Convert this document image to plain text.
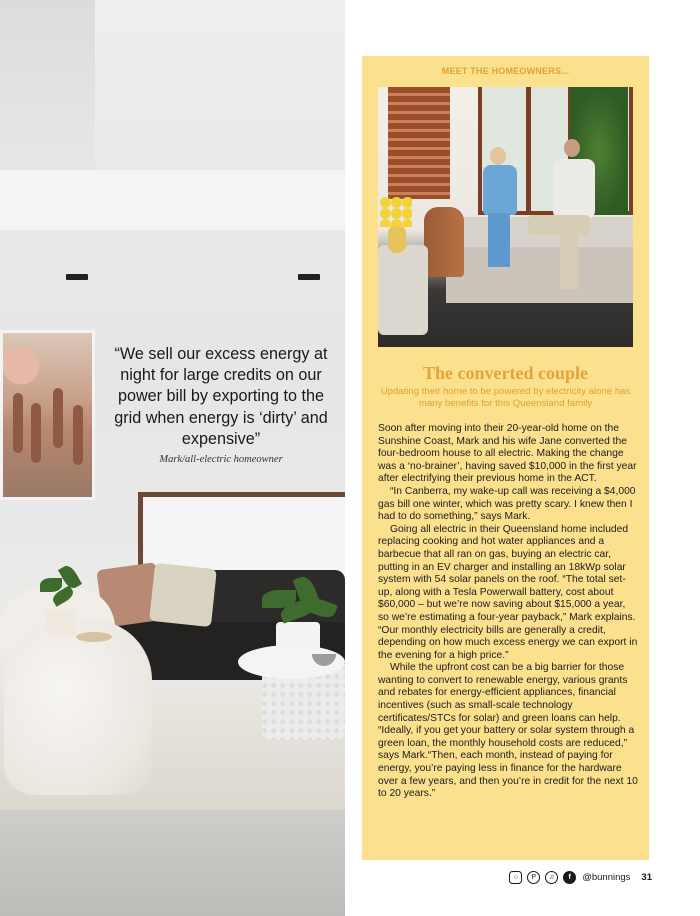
“We sell our excess energy at night for large credits on our power bill by exporting to the grid when energy is ‘dirty’ and expensive”

Mark/all-electric homeowner

MEET THE HOMEOWNERS...
The converted couple

Updating their home to be powered by electricity alone has many benefits for this Queensland family

Soon after moving into their 20-year-old home on the Sunshine Coast, Mark and his wife Jane converted the four-bedroom house to all electric. Making the change was a ‘no-brainer’, having saved $10,000 in the first year after electrifying their previous home in the ACT.

“In Canberra, my wake-up call was receiving a $4,000 gas bill one winter, which was pretty scary. I knew then I had to do something,” says Mark.

Going all electric in their Queensland home included replacing cooking and hot water appliances and a barbecue that all ran on gas, buying an electric car, putting in an EV charger and installing an 18kWp solar system with 54 solar panels on the roof. “The total set-up, along with a Tesla Powerwall battery, cost about $60,000 – but we’re now saving about $15,000 a year, so we’re estimating a four-year payback,” Mark explains. “Our monthly electricity bills are generally a credit, depending on how much excess energy we can export in the evening for a high price.”

While the upfront cost can be a big barrier for those wanting to convert to renewable energy, various grants and rebates for energy-efficient appliances, financial incentives (such as small-scale technology certificates/STCs for solar) and green loans can help. “Ideally, if you get your battery or solar system through a green loan, the monthly household costs are reduced,” says Mark.“Then, each month, instead of paying for energy, you’re paying less in finance for the hardware over a few years, and then you’re in credit for the next 10 to 20 years.”

○	P	♫	f	@bunnings 31
